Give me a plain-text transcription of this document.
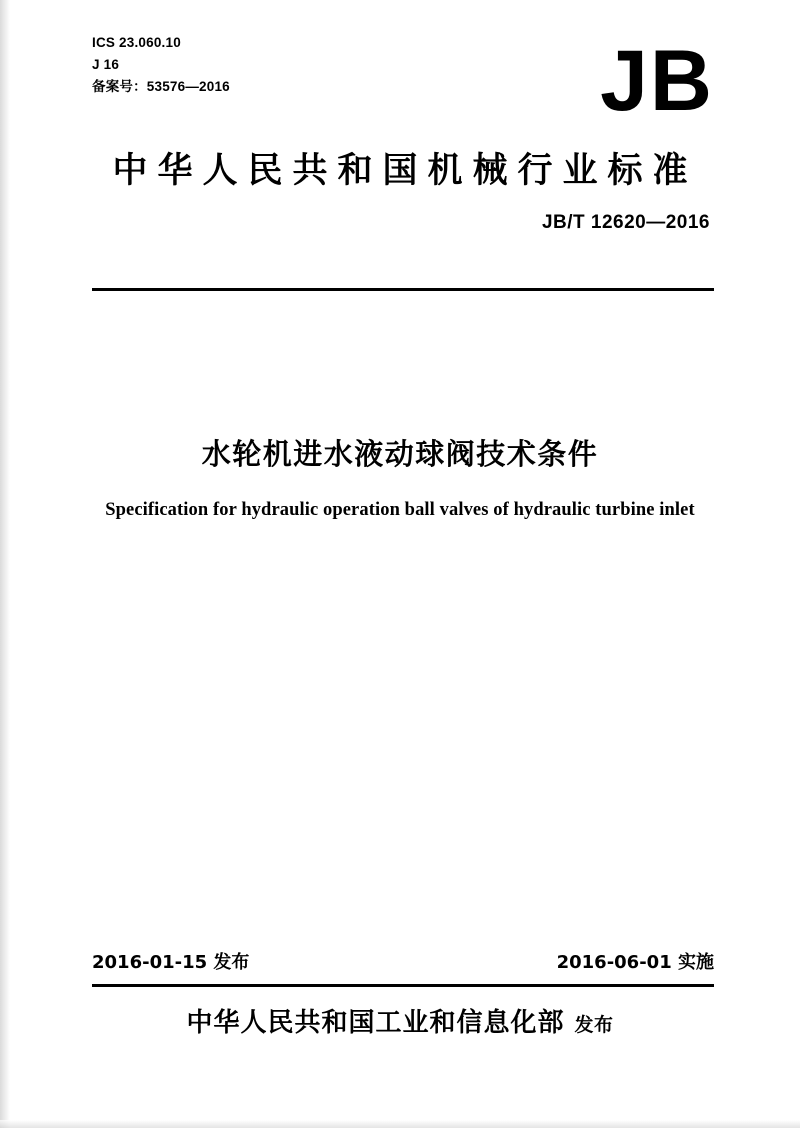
ICS 23.060.10
J 16
备案号：53576—2016	JB
中华人民共和国机械行业标准
JB/T 12620—2016
水轮机进水液动球阀技术条件
Specification for hydraulic operation ball valves of hydraulic turbine inlet
2016-01-15 发布	2016-06-01 实施
中华人民共和国工业和信息化部 发布
